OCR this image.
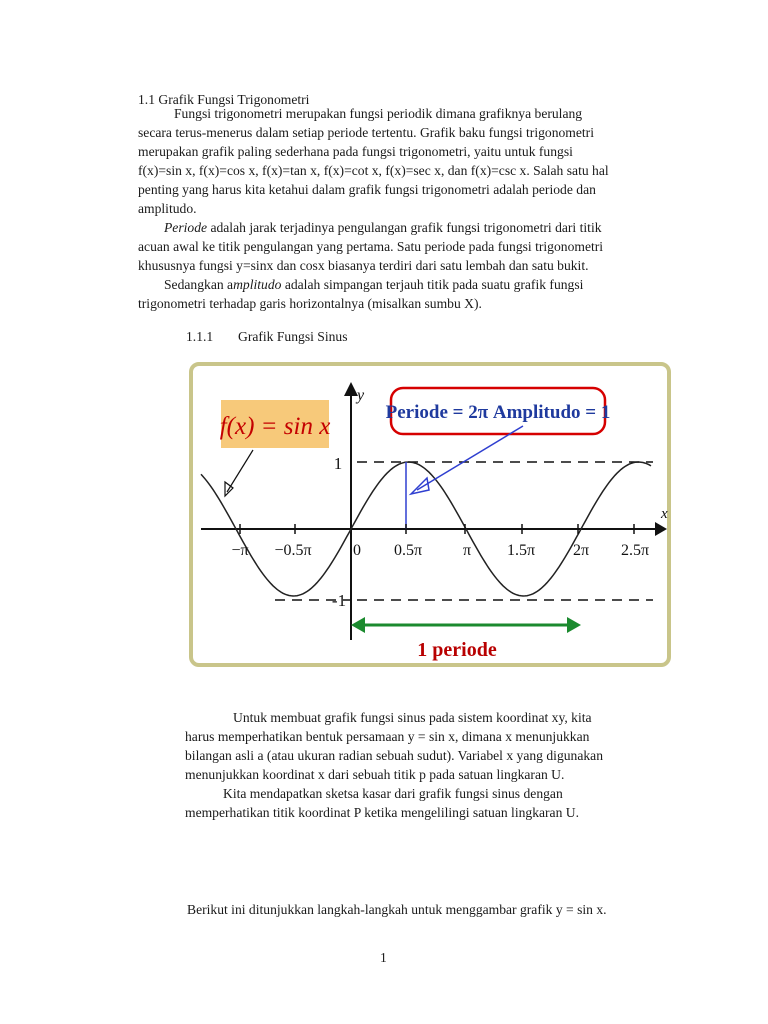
1.1 Grafik Fungsi Trigonometri
Fungsi trigonometri merupakan fungsi periodik dimana grafiknya berulang
secara terus-menerus dalam setiap periode tertentu. Grafik baku fungsi trigonometri
merupakan grafik paling sederhana pada fungsi trigonometri, yaitu untuk fungsi
f(x)=sin x, f(x)=cos x, f(x)=tan x, f(x)=cot x, f(x)=sec x, dan f(x)=csc x. Salah satu hal
penting yang harus kita ketahui dalam grafik fungsi trigonometri adalah periode dan
amplitudo.
Periode adalah jarak terjadinya pengulangan grafik fungsi trigonometri dari titik
acuan awal ke titik pengulangan yang pertama. Satu periode pada fungsi trigonometri
khususnya fungsi y=sinx dan cosx biasanya terdiri dari satu lembah dan satu bukit.
Sedangkan amplitudo adalah simpangan terjauh titik pada suatu grafik fungsi
trigonometri terhadap garis horizontalnya (misalkan sumbu X).
1.1.1 Grafik Fungsi Sinus
f(x) = sin x
Periode = 2π Amplitudo = 1
x
y
1
-1
−π −0.5π	0 0.5π	π 1.5π 2π 2.5π
1 periode
Untuk membuat grafik fungsi sinus pada sistem koordinat xy, kita
harus memperhatikan bentuk persamaan y = sin x, dimana x menunjukkan
bilangan asli a (atau ukuran radian sebuah sudut). Variabel x yang digunakan
menunjukkan koordinat x dari sebuah titik p pada satuan lingkaran U.
Kita mendapatkan sketsa kasar dari grafik fungsi sinus dengan
memperhatikan titik koordinat P ketika mengelilingi satuan lingkaran U.
Berikut ini ditunjukkan langkah-langkah untuk menggambar grafik y = sin x.
1
